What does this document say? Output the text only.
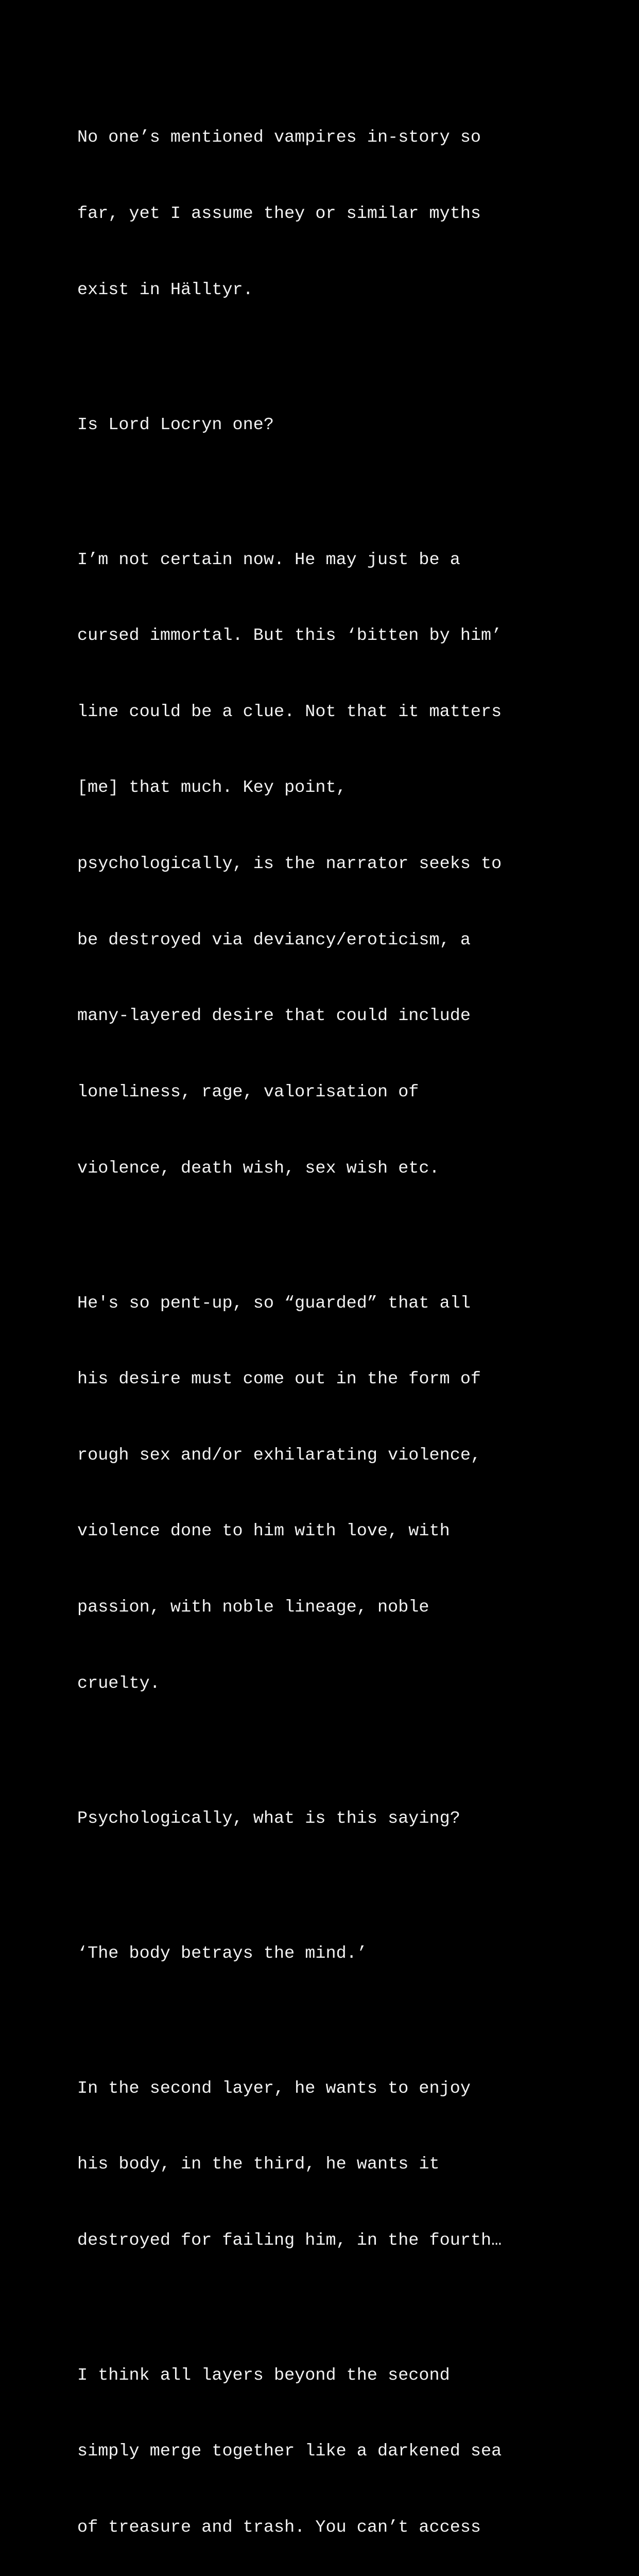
No one’s mentioned vampires in-story so

far, yet I assume they or similar myths

exist in Hälltyr.

Is Lord Locryn one?

I’m not certain now. He may just be a

cursed immortal. But this ‘bitten by him’

line could be a clue. Not that it matters

[me] that much. Key point,

psychologically, is the narrator seeks to

be destroyed via deviancy/eroticism, a

many-layered desire that could include

loneliness, rage, valorisation of

violence, death wish, sex wish etc.

He's so pent-up, so “guarded” that all

his desire must come out in the form of

rough sex and/or exhilarating violence,

violence done to him with love, with

passion, with noble lineage, noble

cruelty.

Psychologically, what is this saying?

‘The body betrays the mind.’

In the second layer, he wants to enjoy

his body, in the third, he wants it

destroyed for failing him, in the fourth…

I think all layers beyond the second

simply merge together like a darkened sea

of treasure and trash. You can’t access
